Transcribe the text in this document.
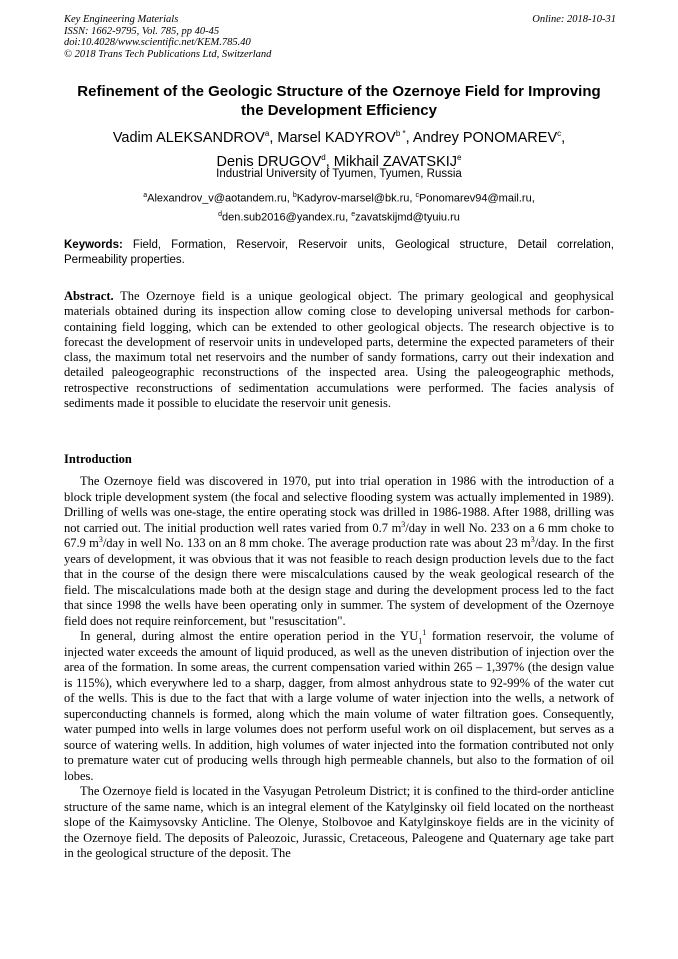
Key Engineering Materials
ISSN: 1662-9795, Vol. 785, pp 40-45
doi:10.4028/www.scientific.net/KEM.785.40
© 2018 Trans Tech Publications Ltd, Switzerland
Online: 2018-10-31
Refinement of the Geologic Structure of the Ozernoye Field for Improving the Development Efficiency
Vadim ALEKSANDROV$^a$, Marsel $KADYROV^{b *}$, Andrey PONOMAREV$^c$,
Denis DRUGOV$^d$, Mikhail ZAVATSKIJ$^e$
Industrial University of Tyumen, Tyumen, Russia
$^a$Alexandrov_v@aotandem.ru, $^b$Kadyrov-marsel@bk.ru, $^c$Ponomarev94@mail.ru,
$^d$den.sub2016@yandex.ru, $^e$zavatskijmd@tyuiu.ru
Keywords: Field, Formation, Reservoir, Reservoir units, Geological structure, Detail correlation, Permeability properties.
Abstract. The Ozernoye field is a unique geological object. The primary geological and geophysical materials obtained during its inspection allow coming close to developing universal methods for carbon-containing field logging, which can be extended to other geological objects. The research objective is to forecast the development of reservoir units in undeveloped parts, determine the expected parameters of their class, the maximum total net reservoirs and the number of sandy formations, carry out their indexation and detailed paleogeographic reconstructions of the inspected area. Using the paleogeographic methods, retrospective reconstructions of sedimentation accumulations were performed. The facies analysis of sediments made it possible to elucidate the reservoir unit genesis.
Introduction

The Ozernoye field was discovered in 1970, put into trial operation in 1986 with the introduction of a block triple development system (the focal and selective flooding system was actually implemented in 1989). Drilling of wells was one-stage, the entire operating stock was drilled in 1986-1988. After 1988, drilling was not carried out. The initial production well rates varied from 0.7 $m^3$/day in well No. 233 on a 6 mm choke to 67.9 $m^3$/day in well No. 133 on an 8 mm choke. The average production rate was about 23 $m^3$/day. In the first years of development, it was obvious that it was not feasible to reach design production levels due to the fact that in the course of the design there were miscalculations caused by the weak geological research of the field. The miscalculations made both at the design stage and during the development process led to the fact that since 1998 the wells have been operating only in summer. The system of development of the Ozernoye field does not require reinforcement, but "resuscitation".

In general, during almost the entire operation period in the $YU_1^1$ formation reservoir, the volume of injected water exceeds the amount of liquid produced, as well as the uneven distribution of injection over the area of the formation. In some areas, the current compensation varied within 265 – 1,397% (the design value is 115%), which everywhere led to a sharp, dagger, from almost anhydrous state to 92-99% of the water cut of the wells. This is due to the fact that with a large volume of water injection into the wells, a network of superconducting channels is formed, along which the main volume of water filtration goes. Consequently, water pumped into wells in large volumes does not perform useful work on oil displacement, but serves as a source of watering wells. In addition, high volumes of water injected into the formation contributed not only to premature water cut of producing wells through high permeable channels, but also to the formation of oil lobes.

The Ozernoye field is located in the Vasyugan Petroleum District; it is confined to the third-order anticline structure of the same name, which is an integral element of the Katylginsky oil field located on the northeast slope of the Kaimysovsky Anticline. The Olenye, Stolbovoe and Katylginskoye fields are in the vicinity of the Ozernoye field. The deposits of Paleozoic, Jurassic, Cretaceous, Paleogene and Quaternary age take part in the geological structure of the deposit. The
